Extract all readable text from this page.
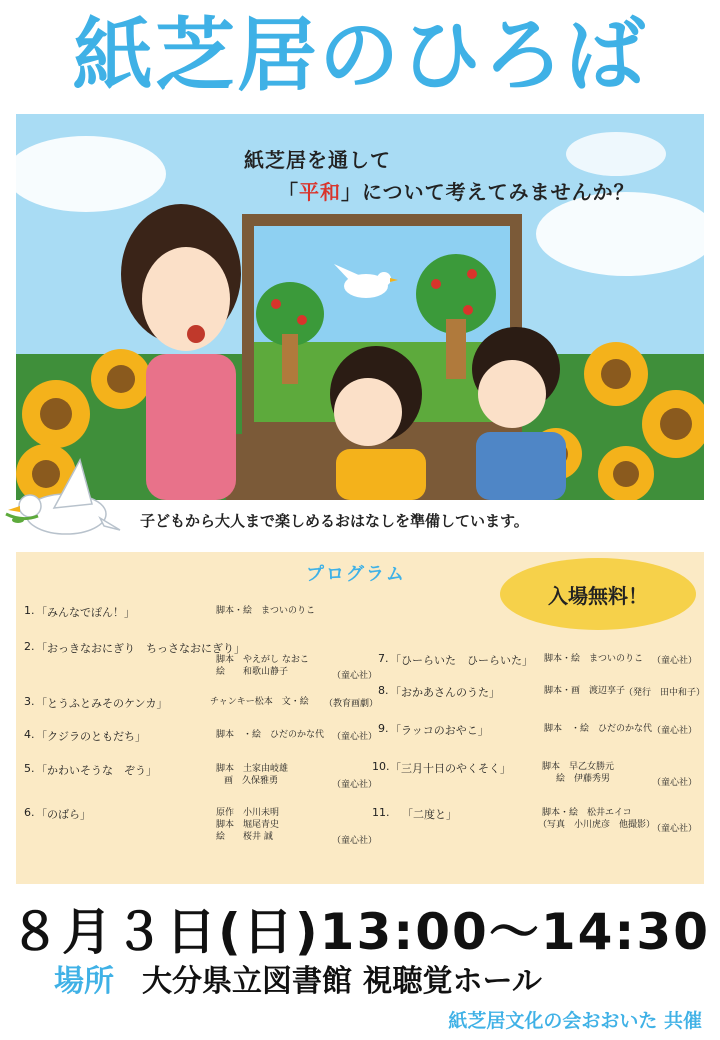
紙芝居のひろば
紙芝居を通して
「平和」について考えてみませんか？
子どもから大人まで楽しめるおはなしを準備しています。
プログラム
入場無料！
1. 「みんなでぽん！」	脚本・絵　まついのりこ
2. 「おっきなおにぎり　ちっさなおにぎり」
脚本　やえがし なおこ
絵　　和歌山静子	（童心社）
3. 「とうふとみそのケンカ」	チャンキー松本　文・絵 （教育画劇）
4. 「クジラのともだち」	脚本　・絵　ひだのかな代 （童心社）
5. 「かわいそうな　ぞう」	脚本　土家由岐雄
画　久保雅勇	（童心社）
6. 「のばら」	原作　小川未明
脚本　堀尾青史
絵　　桜井 誠	（童心社）
7. 「ひーらいた　ひーらいた」 脚本・絵　まついのりこ （童心社）
8. 「おかあさんのうた」	脚本・画　渡辺享子
（発行　田中和子）
9. 「ラッコのおやこ」	脚本　・絵　ひだのかな代 （童心社）
10. 「三月十日のやくそく」	脚本　早乙女勝元
絵　伊藤秀男	（童心社）
11. 「二度と」	脚本・絵　松井エイコ
（写真　小川虎彦　他撮影）
（童心社）
８月３日(日)13:00～14:30
場所 大分県立図書館 視聴覚ホール
紙芝居文化の会おおいた 共催
